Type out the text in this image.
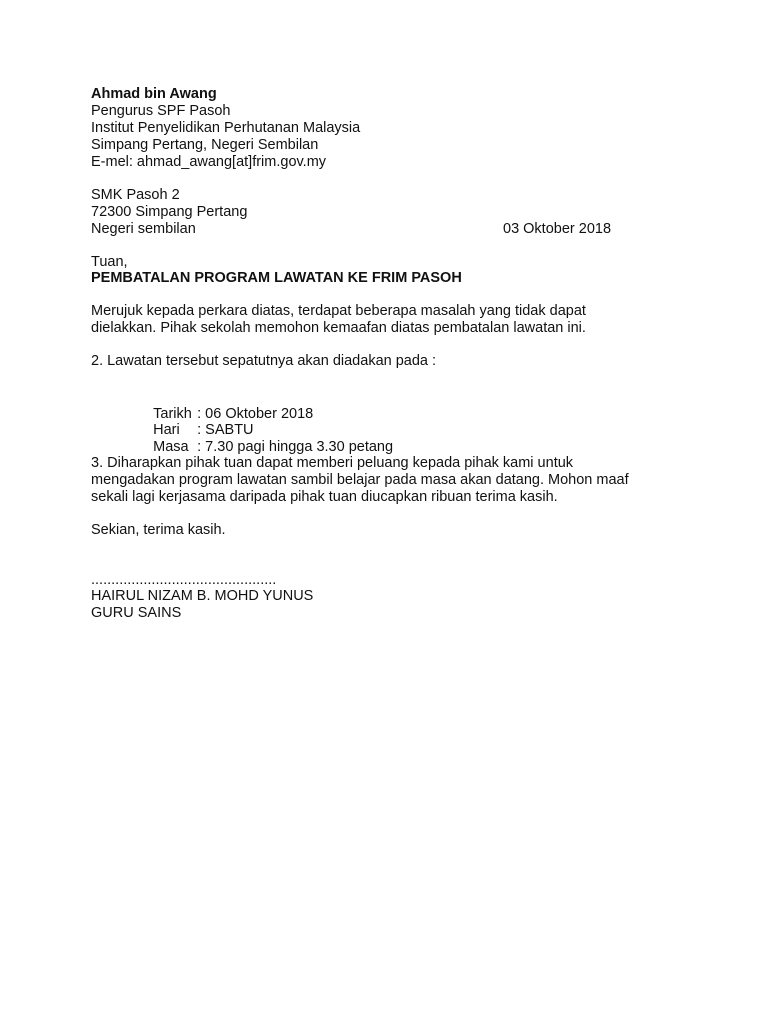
Ahmad bin Awang
Pengurus SPF Pasoh
Institut Penyelidikan Perhutanan Malaysia
Simpang Pertang, Negeri Sembilan
E-mel: ahmad_awang[at]frim.gov.my
SMK Pasoh 2
72300 Simpang Pertang
Negeri sembilan	03 Oktober 2018
Tuan,
PEMBATALAN PROGRAM LAWATAN KE FRIM PASOH
Merujuk kepada perkara diatas, terdapat beberapa masalah yang tidak dapat
dielakkan. Pihak sekolah memohon kemaafan diatas pembatalan lawatan ini.
2. Lawatan tersebut sepatutnya akan diadakan pada :

Tarikh : 06 Oktober 2018

Hari : SABTU

Masa : 7.30 pagi hingga 3.30 petang

3. Diharapkan pihak tuan dapat memberi peluang kepada pihak kami untuk
mengadakan program lawatan sambil belajar pada masa akan datang. Mohon maaf
sekali lagi kerjasama daripada pihak tuan diucapkan ribuan terima kasih.
Sekian, terima kasih.
..............................................
HAIRUL NIZAM B. MOHD YUNUS
GURU SAINS
